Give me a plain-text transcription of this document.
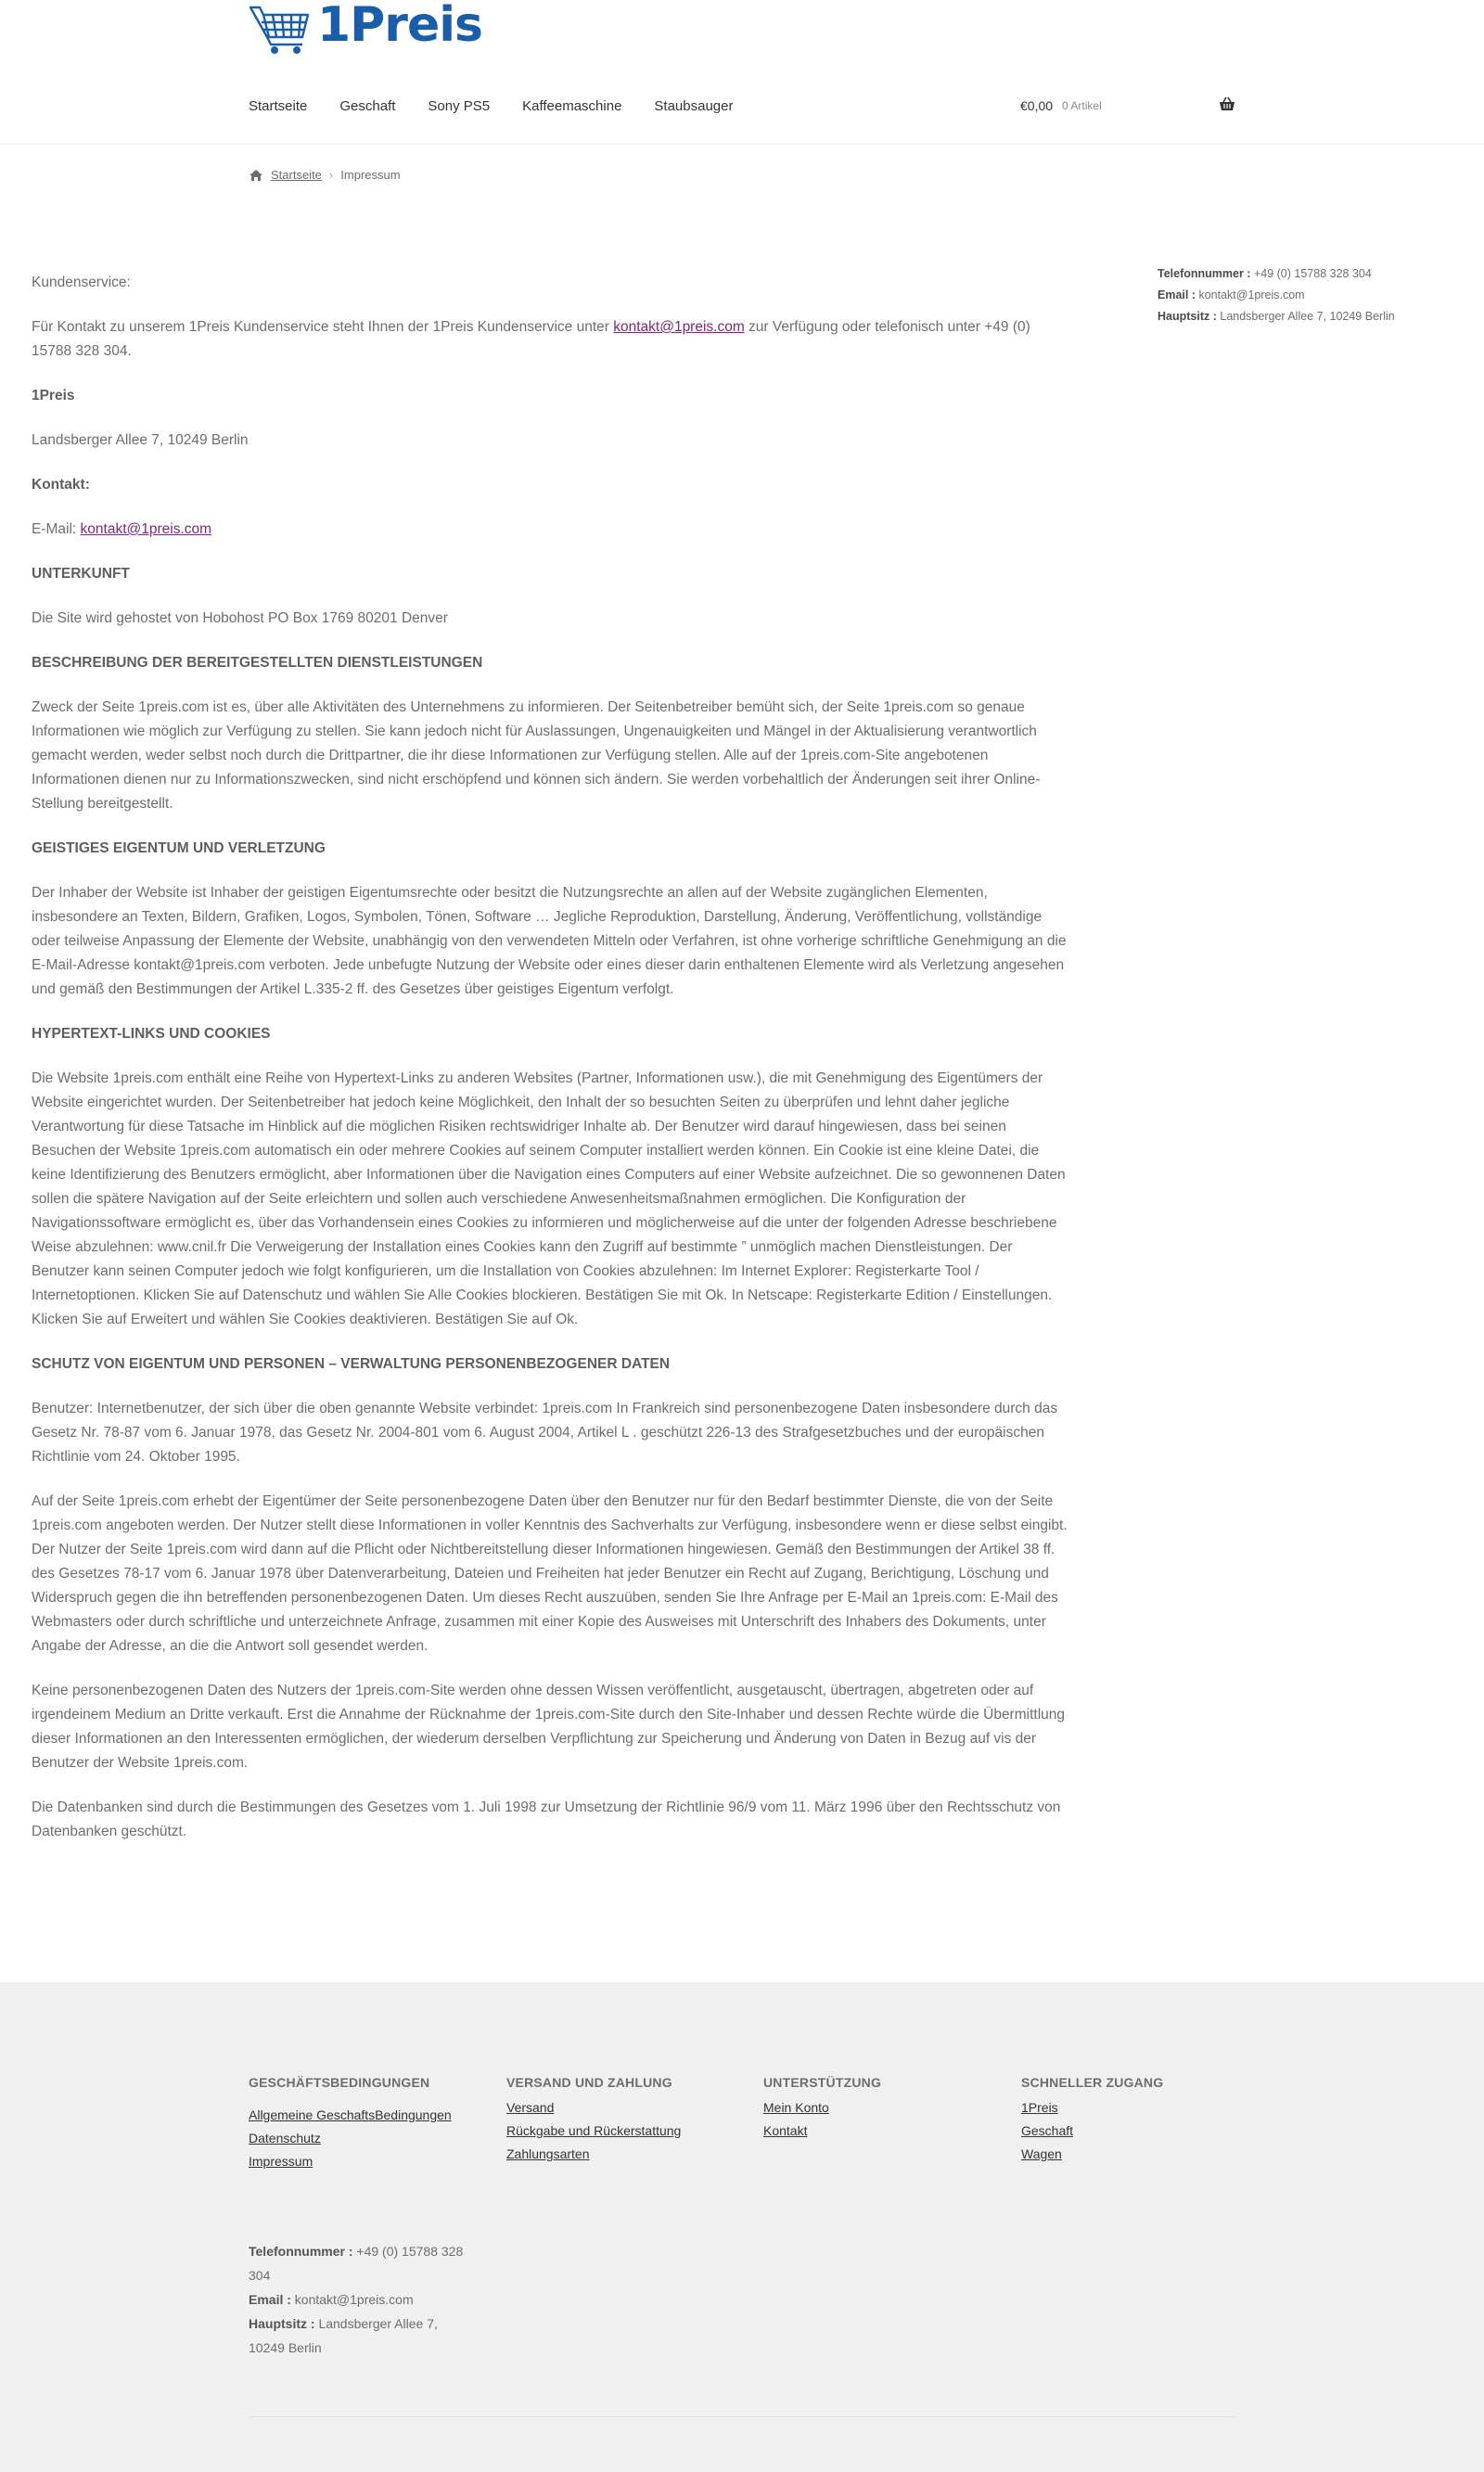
1Preis
Startseite Geschaft Sony PS5 Kaffeemaschine Staubsauger	€0,00 0 Artikel
Startseite › Impressum

Kundenservice:

Für Kontakt zu unserem 1Preis Kundenservice steht Ihnen der 1Preis Kundenservice unter kontakt@1preis.com zur Verfügung oder telefonisch unter +49 (0) 15788 328 304.

1Preis

Landsberger Allee 7, 10249 Berlin

Kontakt:

E-Mail: kontakt@1preis.com

UNTERKUNFT

Die Site wird gehostet von Hobohost PO Box 1769 80201 Denver

BESCHREIBUNG DER BEREITGESTELLTEN DIENSTLEISTUNGEN

Zweck der Seite 1preis.com ist es, über alle Aktivitäten des Unternehmens zu informieren. Der Seitenbetreiber bemüht sich, der Seite 1preis.com so genaue Informationen wie möglich zur Verfügung zu stellen. Sie kann jedoch nicht für Auslassungen, Ungenauigkeiten und Mängel in der Aktualisierung verantwortlich gemacht werden, weder selbst noch durch die Drittpartner, die ihr diese Informationen zur Verfügung stellen. Alle auf der 1preis.com-Site angebotenen Informationen dienen nur zu Informationszwecken, sind nicht erschöpfend und können sich ändern. Sie werden vorbehaltlich der Änderungen seit ihrer Online-Stellung bereitgestellt.

GEISTIGES EIGENTUM UND VERLETZUNG

Der Inhaber der Website ist Inhaber der geistigen Eigentumsrechte oder besitzt die Nutzungsrechte an allen auf der Website zugänglichen Elementen, insbesondere an Texten, Bildern, Grafiken, Logos, Symbolen, Tönen, Software … Jegliche Reproduktion, Darstellung, Änderung, Veröffentlichung, vollständige oder teilweise Anpassung der Elemente der Website, unabhängig von den verwendeten Mitteln oder Verfahren, ist ohne vorherige schriftliche Genehmigung an die E-Mail-Adresse kontakt@1preis.com verboten. Jede unbefugte Nutzung der Website oder eines dieser darin enthaltenen Elemente wird als Verletzung angesehen und gemäß den Bestimmungen der Artikel L.335-2 ff. des Gesetzes über geistiges Eigentum verfolgt.

HYPERTEXT-LINKS UND COOKIES

Die Website 1preis.com enthält eine Reihe von Hypertext-Links zu anderen Websites (Partner, Informationen usw.), die mit Genehmigung des Eigentümers der Website eingerichtet wurden. Der Seitenbetreiber hat jedoch keine Möglichkeit, den Inhalt der so besuchten Seiten zu überprüfen und lehnt daher jegliche Verantwortung für diese Tatsache im Hinblick auf die möglichen Risiken rechtswidriger Inhalte ab. Der Benutzer wird darauf hingewiesen, dass bei seinen Besuchen der Website 1preis.com automatisch ein oder mehrere Cookies auf seinem Computer installiert werden können. Ein Cookie ist eine kleine Datei, die keine Identifizierung des Benutzers ermöglicht, aber Informationen über die Navigation eines Computers auf einer Website aufzeichnet. Die so gewonnenen Daten sollen die spätere Navigation auf der Seite erleichtern und sollen auch verschiedene Anwesenheitsmaßnahmen ermöglichen. Die Konfiguration der Navigationssoftware ermöglicht es, über das Vorhandensein eines Cookies zu informieren und möglicherweise auf die unter der folgenden Adresse beschriebene Weise abzulehnen: www.cnil.fr Die Verweigerung der Installation eines Cookies kann den Zugriff auf bestimmte ” unmöglich machen Dienstleistungen. Der Benutzer kann seinen Computer jedoch wie folgt konfigurieren, um die Installation von Cookies abzulehnen: Im Internet Explorer: Registerkarte Tool / Internetoptionen. Klicken Sie auf Datenschutz und wählen Sie Alle Cookies blockieren. Bestätigen Sie mit Ok. In Netscape: Registerkarte Edition / Einstellungen. Klicken Sie auf Erweitert und wählen Sie Cookies deaktivieren. Bestätigen Sie auf Ok.

SCHUTZ VON EIGENTUM UND PERSONEN – VERWALTUNG PERSONENBEZOGENER DATEN

Benutzer: Internetbenutzer, der sich über die oben genannte Website verbindet: 1preis.com In Frankreich sind personenbezogene Daten insbesondere durch das Gesetz Nr. 78-87 vom 6. Januar 1978, das Gesetz Nr. 2004-801 vom 6. August 2004, Artikel L . geschützt 226-13 des Strafgesetzbuches und der europäischen Richtlinie vom 24. Oktober 1995.

Auf der Seite 1preis.com erhebt der Eigentümer der Seite personenbezogene Daten über den Benutzer nur für den Bedarf bestimmter Dienste, die von der Seite 1preis.com angeboten werden. Der Nutzer stellt diese Informationen in voller Kenntnis des Sachverhalts zur Verfügung, insbesondere wenn er diese selbst eingibt. Der Nutzer der Seite 1preis.com wird dann auf die Pflicht oder Nichtbereitstellung dieser Informationen hingewiesen. Gemäß den Bestimmungen der Artikel 38 ff. des Gesetzes 78-17 vom 6. Januar 1978 über Datenverarbeitung, Dateien und Freiheiten hat jeder Benutzer ein Recht auf Zugang, Berichtigung, Löschung und Widerspruch gegen die ihn betreffenden personenbezogenen Daten. Um dieses Recht auszuüben, senden Sie Ihre Anfrage per E-Mail an 1preis.com: E-Mail des Webmasters oder durch schriftliche und unterzeichnete Anfrage, zusammen mit einer Kopie des Ausweises mit Unterschrift des Inhabers des Dokuments, unter Angabe der Adresse, an die die Antwort soll gesendet werden.

Keine personenbezogenen Daten des Nutzers der 1preis.com-Site werden ohne dessen Wissen veröffentlicht, ausgetauscht, übertragen, abgetreten oder auf irgendeinem Medium an Dritte verkauft. Erst die Annahme der Rücknahme der 1preis.com-Site durch den Site-Inhaber und dessen Rechte würde die Übermittlung dieser Informationen an den Interessenten ermöglichen, der wiederum derselben Verpflichtung zur Speicherung und Änderung von Daten in Bezug auf vis der Benutzer der Website 1preis.com.

Die Datenbanken sind durch die Bestimmungen des Gesetzes vom 1. Juli 1998 zur Umsetzung der Richtlinie 96/9 vom 11. März 1996 über den Rechtsschutz von Datenbanken geschützt.

Telefonnummer : +49 (0) 15788 328 304
Email : kontakt@1preis.com
Hauptsitz : Landsberger Allee 7, 10249 Berlin
GESCHÄFTSBEDINGUNGEN
Allgemeine GeschaftsBedingungen
Datenschutz
Impressum
VERSAND UND ZAHLUNG
Versand
Rückgabe und Rückerstattung
Zahlungsarten
UNTERSTÜTZUNG
Mein Konto
Kontakt
SCHNELLER ZUGANG
1Preis
Geschaft
Wagen
Telefonnummer : +49 (0) 15788 328 304
Email : kontakt@1preis.com
Hauptsitz : Landsberger Allee 7, 10249 Berlin
